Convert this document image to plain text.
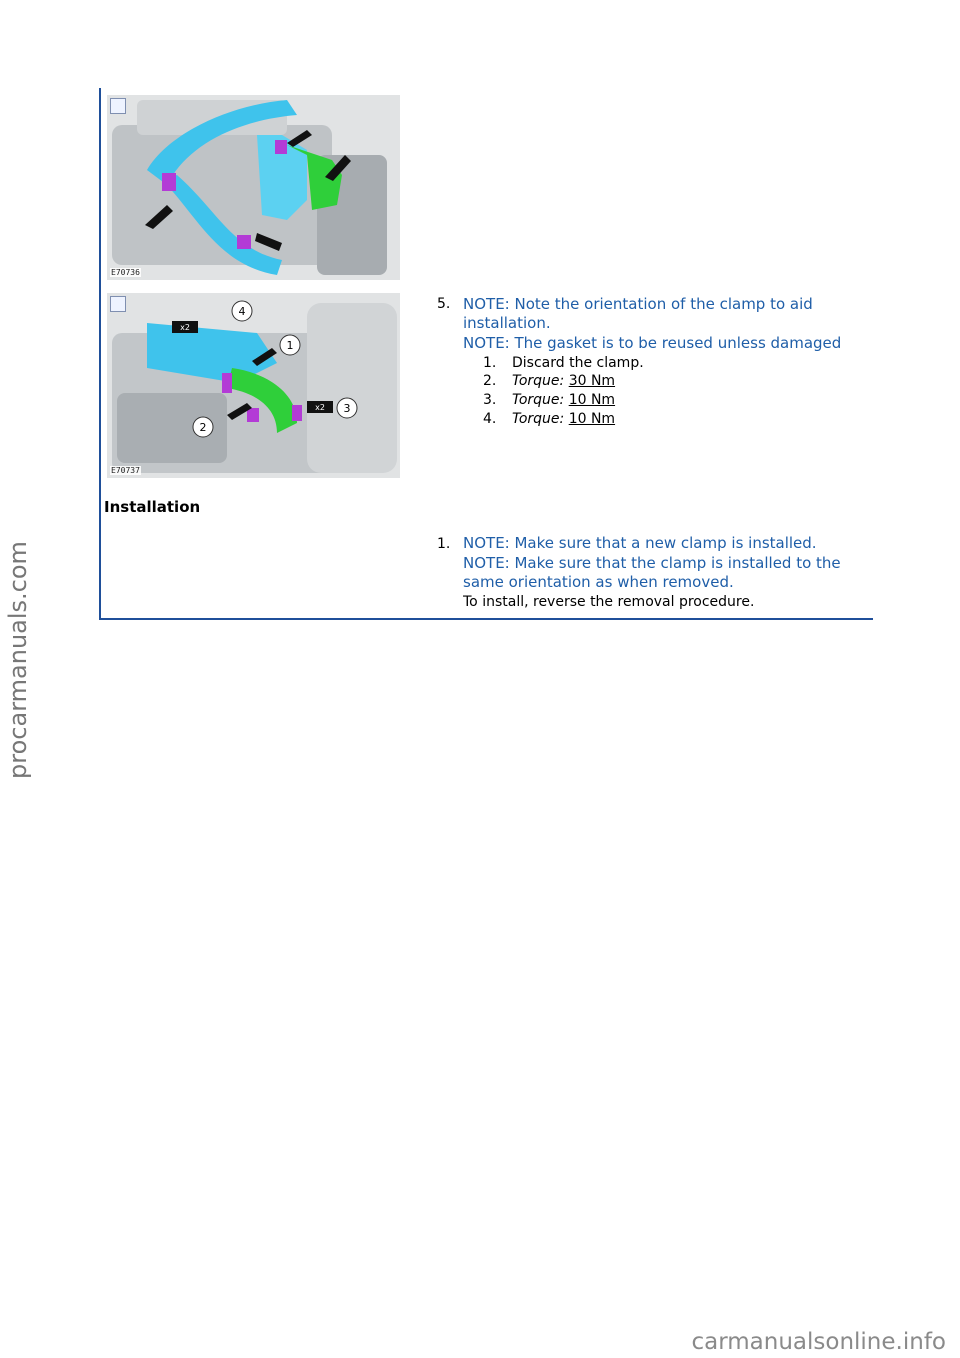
E70736
x2
x2
4
1
2
3
E70737
5. NOTE: Note the orientation of the clamp to aid
installation.
NOTE: The gasket is to be reused unless damaged
1. Discard the clamp.
2. Torque: 30 Nm
3. Torque: 10 Nm
4. Torque: 10 Nm
Installation
1. NOTE: Make sure that a new clamp is installed.
NOTE: Make sure that the clamp is installed to the
same orientation as when removed.
To install, reverse the removal procedure.
procarmanuals.com
carmanualsonline.info
